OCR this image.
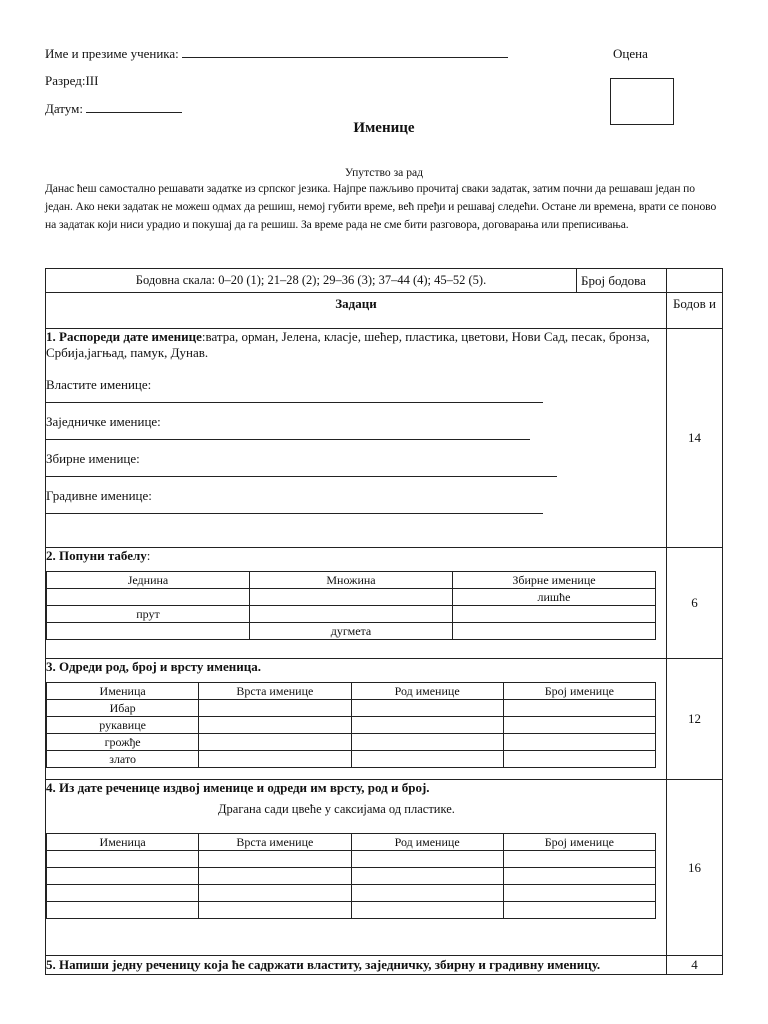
Име и презиме ученика:	Оцена
Разред:III
Датум:
Именице
Упутство за рад
Данас ћеш самостално решавати задатке из српског језика. Најпре пажљиво прочитај сваки задатак, затим почни да решаваш један по један. Ако неки задатак не можеш одмах да решиш, немој губити време, већ пређи и решавај следећи. Остане ли времена, врати се поново на задатак који ниси урадио и покушај да га решиш. За време рада не сме бити разговора, договарања или преписивања.
Бодовна скала: 0–20 (1); 21–28 (2); 29–36 (3); 37–44 (4); 45–52 (5).	Број бодова	
Задаци	Бодов и

1. Распореди дате именице:ватра, орман, Јелена, класје, шећер, пластика, цветови, Нови Сад, песак, бронза, Србија,јагњад, памук, Дунав.
Властите именице:
Заједничке именице:
Збирне именице:
Градивне именице:
	14

2. Попуни табелу:
Једнина	Множина	Збирне именице
		лишће
прут		
	дугмета	
	6

3. Одреди род, број и врсту именица.
Именица	Врста именице	Род именице	Број именице
Ибар			
рукавице			
грожђе			
злато			
	12

4. Из дате реченице издвој именице и одреди им врсту, род и број.
Драгана сади цвеће у саксијама од пластике.
Именица	Врста именице	Род именице	Број именице

	16
5. Напиши једну реченицу која ће садржати властиту, заједничку, збирну и градивну именицу.	4
